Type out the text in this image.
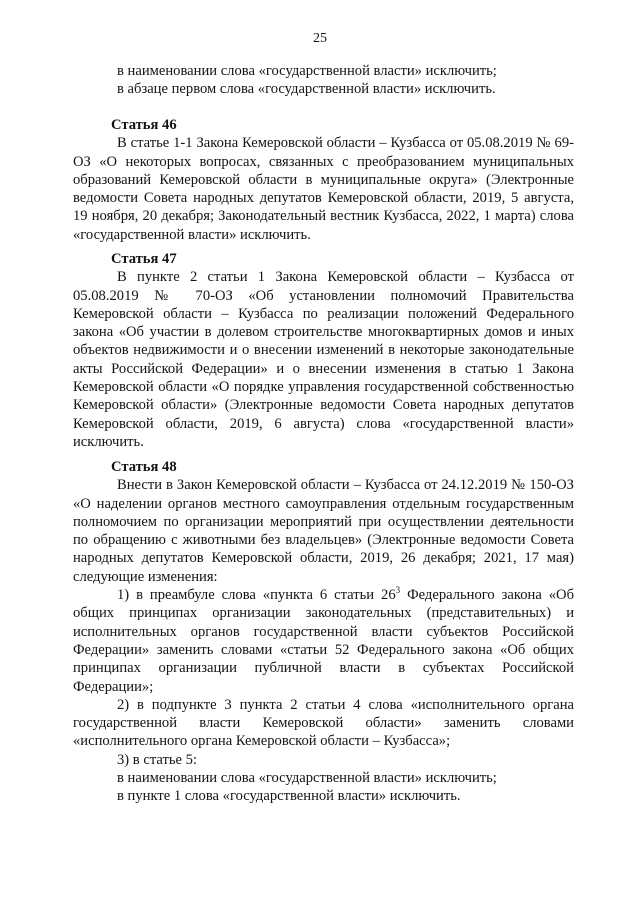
25

в наименовании слова «государственной власти» исключить;

в абзаце первом слова «государственной власти» исключить.

Статья 46

В статье 1-1 Закона Кемеровской области – Кузбасса от 05.08.2019 № 69-ОЗ «О некоторых вопросах, связанных с преобразованием муниципальных образований Кемеровской области в муниципальные округа» (Электронные ведомости Совета народных депутатов Кемеровской области, 2019, 5 августа, 19 ноября, 20 декабря; Законодательный вестник Кузбасса, 2022, 1 марта) слова «государственной власти» исключить.

Статья 47

В пункте 2 статьи 1 Закона Кемеровской области – Кузбасса от 05.08.2019 № 70-ОЗ «Об установлении полномочий Правительства Кемеровской области – Кузбасса по реализации положений Федерального закона «Об участии в долевом строительстве многоквартирных домов и иных объектов недвижимости и о внесении изменений в некоторые законодательные акты Российской Федерации» и о внесении изменения в статью 1 Закона Кемеровской области «О порядке управления государственной собственностью Кемеровской области» (Электронные ведомости Совета народных депутатов Кемеровской области, 2019, 6 августа) слова «государственной власти» исключить.

Статья 48

Внести в Закон Кемеровской области – Кузбасса от 24.12.2019 № 150-ОЗ «О наделении органов местного самоуправления отдельным государственным полномочием по организации мероприятий при осуществлении деятельности по обращению с животными без владельцев» (Электронные ведомости Совета народных депутатов Кемеровской области, 2019, 26 декабря; 2021, 17 мая) следующие изменения:

1) в преамбуле слова «пункта 6 статьи $26^3$ Федерального закона «Об общих принципах организации законодательных (представительных) и исполнительных органов государственной власти субъектов Российской Федерации» заменить словами «статьи 52 Федерального закона «Об общих принципах организации публичной власти в субъектах Российской Федерации»;

2) в подпункте 3 пункта 2 статьи 4 слова «исполнительного органа государственной власти Кемеровской области» заменить словами «исполнительного органа Кемеровской области – Кузбасса»;

3) в статье 5:

в наименовании слова «государственной власти» исключить;

в пункте 1 слова «государственной власти» исключить.
